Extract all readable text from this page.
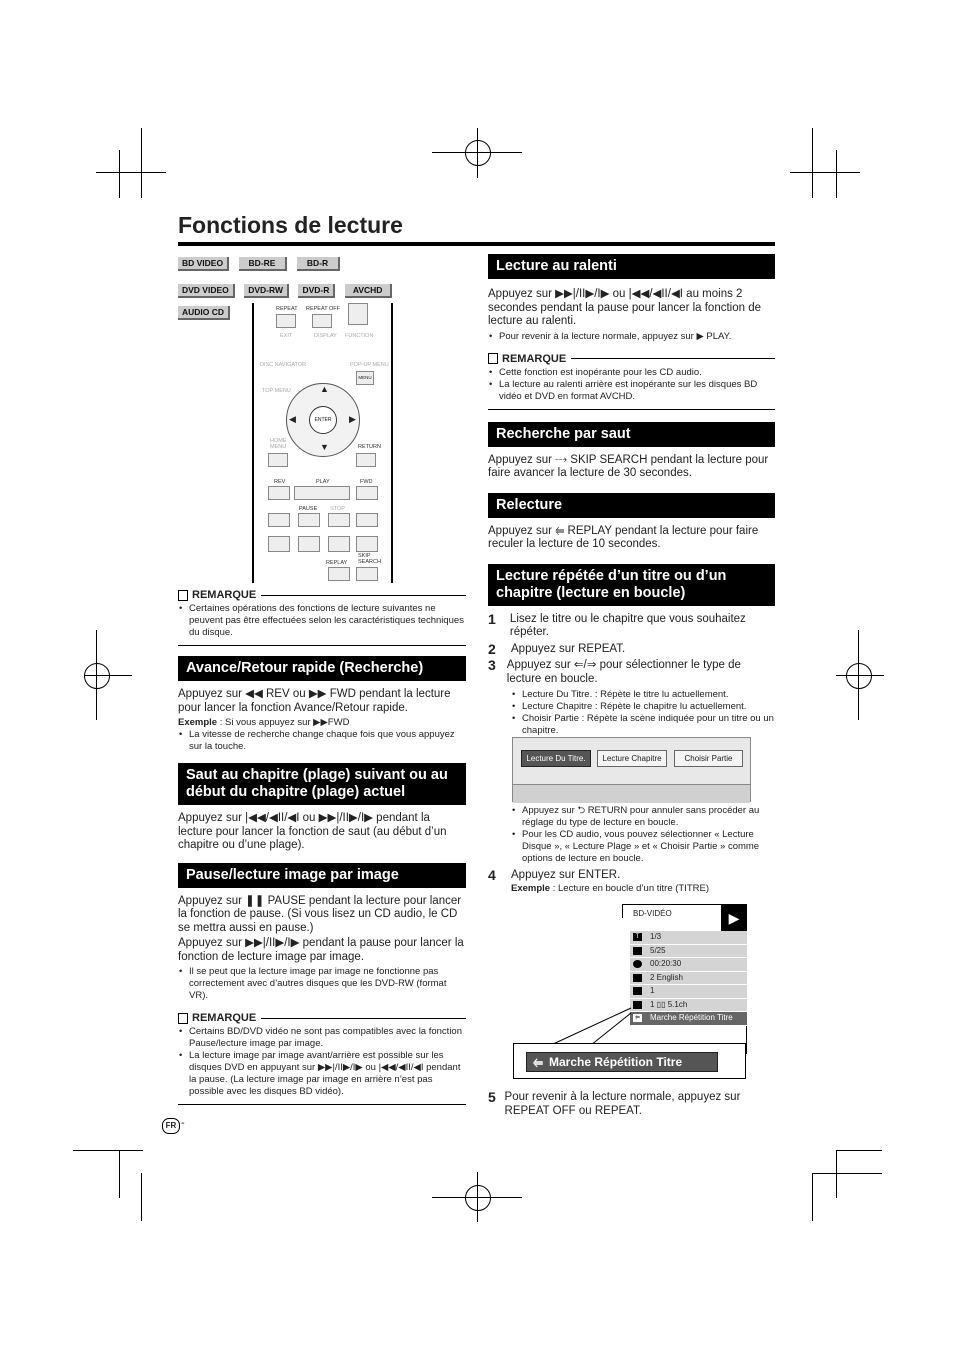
Fonctions de lecture
BD VIDEO	BD-RE	BD-R
DVD VIDEO DVD-RW DVD-R	AVCHD
AUDIO CD	REPEAT REPEAT OFF
EXIT	DISPLAY FUNCTION
DISC NAVIGATOR	POP-UP MENU
MENU
TOP MENU
ENTER
▲
▼
◀	▶
HOME MENU	RETURN
REV	PLAY	FWD
PAUSE STOP
REPLAY
SKIP SEARCH
REMARQUE

• Certaines opérations des fonctions de lecture suivantes ne peuvent pas être effectuées selon les caractéristiques techniques du disque.

Avance/Retour rapide (Recherche)

Appuyez sur ◀◀ REV ou ▶▶ FWD pendant la lecture pour lancer la fonction Avance/Retour rapide.

Exemple : Si vous appuyez sur ▶▶FWD

• La vitesse de recherche change chaque fois que vous appuyez sur la touche.

Saut au chapitre (plage) suivant ou au début du chapitre (plage) actuel

Appuyez sur |◀◀/◀II/◀I ou ▶▶|/II▶/I▶ pendant la lecture pour lancer la fonction de saut (au début d’un chapitre ou d’une plage).

Pause/lecture image par image

Appuyez sur ❚❚ PAUSE pendant la lecture pour lancer la fonction de pause. (Si vous lisez un CD audio, le CD se mettra aussi en pause.)

Appuyez sur ▶▶|/II▶/I▶ pendant la pause pour lancer la fonction de lecture image par image.

• Il se peut que la lecture image par image ne fonctionne pas correctement avec d’autres disques que les DVD-RW (format VR).

REMARQUE

• Certains BD/DVD vidéo ne sont pas compatibles avec la fonction Pause/lecture image par image.

• La lecture image par image avant/arrière est possible sur les disques DVD en appuyant sur ▶▶|/II▶/I▶ ou |◀◀/◀II/◀I pendant la pause. (La lecture image par image en arrière n’est pas possible avec les disques BD vidéo).

Lecture au ralenti

Appuyez sur ▶▶|/II▶/I▶ ou |◀◀/◀II/◀I au moins 2 secondes pendant la pause pour lancer la fonction de lecture au ralenti.

• Pour revenir à la lecture normale, appuyez sur ▶ PLAY.

REMARQUE

• Cette fonction est inopérante pour les CD audio.

• La lecture au ralenti arrière est inopérante sur les disques BD vidéo et DVD en format AVCHD.

Recherche par saut

Appuyez sur ⤏ SKIP SEARCH pendant la lecture pour faire avancer la lecture de 30 secondes.

Relecture

Appuyez sur ⥢ REPLAY pendant la lecture pour faire reculer la lecture de 10 secondes.

Lecture répétée d’un titre ou d’un chapitre (lecture en boucle)
1	Lisez le titre ou le chapitre que vous souhaitez répéter.
2	Appuyez sur REPEAT.
3 Appuyez sur ⇐/⇒ pour sélectionner le type de lecture en boucle.

• Lecture Du Titre. : Répète le titre lu actuellement.

• Lecture Chapitre : Répète le chapitre lu actuellement.

• Choisir Partie : Répète la scène indiquée pour un titre ou un chapitre.

Lecture Du Titre.	Lecture Chapitre	Choisir Partie

• Appuyez sur ⮌ RETURN pour annuler sans procéder au réglage du type de lecture en boucle.

• Pour les CD audio, vous pouvez sélectionner « Lecture Disque », « Lecture Plage » et « Choisir Partie » comme options de lecture en boucle.

4	Appuyez sur ENTER.

Exemple : Lecture en boucle d’un titre (TITRE)

BD-VIDÉO	▶
T	1/3
5/25
00:20:30
2 English
1
1 ▯▯ 5.1ch
⥢ Marche Répétition Titre
⥢ Marche Répétition Titre
5 Pour revenir à la lecture normale, appuyez sur REPEAT OFF ou REPEAT.
FR -
